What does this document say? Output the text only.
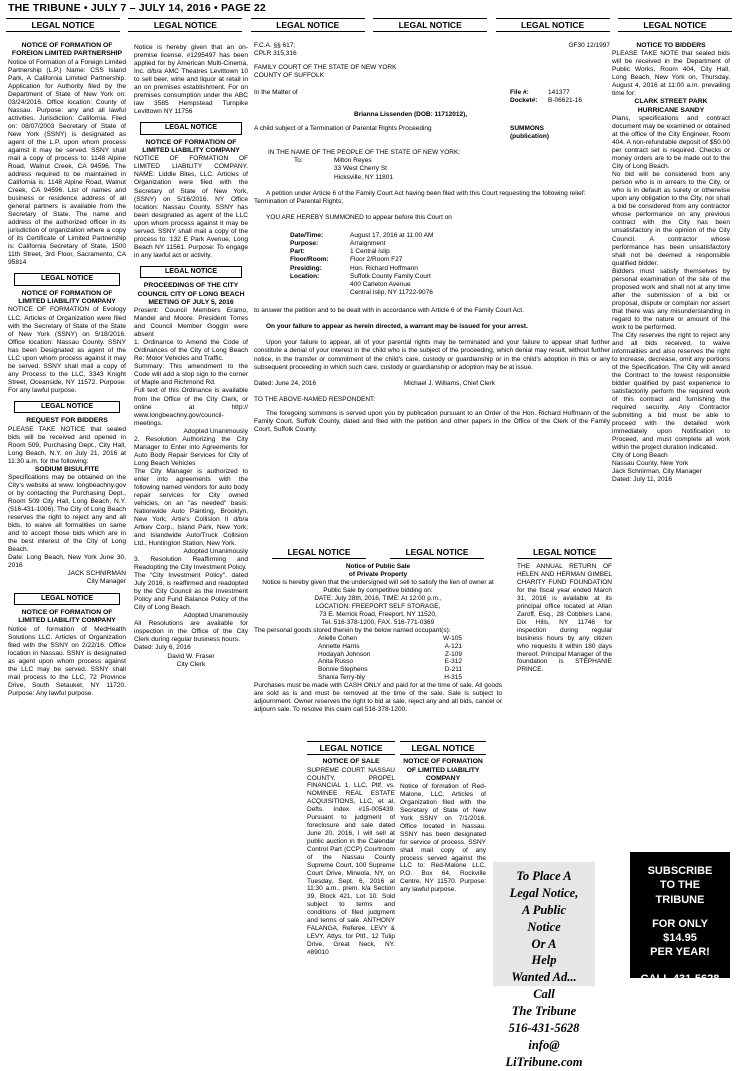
THE TRIBUNE • JULY 7 – JULY 14, 2016 • PAGE 22
LEGAL NOTICE	LEGAL NOTICE	LEGAL NOTICE	LEGAL NOTICE	LEGAL NOTICE	LEGAL NOTICE

NOTICE OF FORMATION OF FOREIGN LIMITED PARTNERSHIP

Notice of Formation of a Foreign Limited Partnership (L.P.) Name: CSS Island Park, A California Limited Partnership. Application for Authority filed by the Department of State of New York on: 03/24/2016. Office location: County of Nassau. Purpose: any and all lawful activities. Jurisdiction: California. Filed on: 08/07/2003 Secretary of State of New York (SSNY) is designated as agent of the L.P. upon whom process against it may be served. SSNY shall mail a copy of process to: 1148 Alpine Road, Walnut Creek, CA 94596. The address required to be maintained in California is: 1148 Alpine Road, Walnut Creek, CA 94596. List of names and business or residence address of all general partners is available from the Secretary of State. The name and address of the authorized officer in its jurisdiction of organization where a copy of its Certificate of Limited Partnership is: California Secretary of State, 1500 11th Street, 3rd Floor, Sacramento, CA 95814

LEGAL NOTICE

NOTICE OF FORMATION OF LIMITED LIABILITY COMPANY

NOTICE OF FORMATION of Evology LLC. Articles of Organization were filed with the Secretary of State of the State of New York (SSNY) on 5/18/2016. Office location: Nassau County. SSNY has been Designated as agent of the LLC upon whom process against it may be served. SSNY shall mail a copy of any Process to the LLC, 3343 Knight Street, Oceanside, NY 11572. Purpose: For any lawful purpose.

LEGAL NOTICE

REQUEST FOR BIDDERS

PLEASE TAKE NOTICE that sealed bids will be received and opened in Room 509, Purchasing Dept., City Hall, Long Beach, N.Y. on July 21, 2016 at 11:30 a.m. for the following:

SODIUM BISULFITE

Specifications may be obtained on the City's website at www. longbeachny.gov or by contacting the Purchasing Dept., Room 509 City Hall, Long Beach, N.Y. (516-431-1006). The City of Long Beach reserves the right to reject any and all bids, to waive all formalities on same and to accept those bids which are in the best interest of the City of Long Beach.

Date: Long Beach, New York June 30, 2016

JACK SCHNIRMAN

City Manager

LEGAL NOTICE

NOTICE OF FORMATION OF LIMITED LIABILITY COMPANY

Notice of formation of MedHealth Solutions LLC. Articles of Organization filed with the SSNY on 2/22/16. Office location in Nassau. SSNY is designated as agent upon whom process against the LLC may be served. SSNY shall mail process to the LLC, 72 Province Drive, South Setauket, NY 11720. Purpose: Any lawful purpose.

Notice is hereby given that an on-premise license, #1295497 has been applied for by American Multi-Cinema, Inc. d/b/a AMC Theatres Levittown 10 to sell beer, wine and liquor at retail in an on premises establishment. For on premises consumption under the ABC law 3585 Hempstead Turnpike Levittown NY 11756

LEGAL NOTICE

NOTICE OF FORMATION OF LIMITED LIABILITY COMPANY

NOTICE OF FORMATION OF LIMITED LIABILITY COMPANY. NAME: Liddle Bites, LLC. Articles of Organization were filed with the Secretary of State of New York, (SSNY) on 5/16/2016. NY Office location: Nassau County. SSNY has been designated as agent of the LLC upon whom process against it may be served. SSNY shall mail a copy of the process to: 132 E Park Avenue, Long Beach NY 11561. Purpose: To engage in any lawful act or activity.

LEGAL NOTICE

PROCEEDINGS OF THE CITY COUNCIL CITY OF LONG BEACH MEETING OF JULY 5, 2016

Present: Council Members Eramo, Mandel and Moore. President Torres and Council Member Goggin were absent

1. Ordinance to Amend the Code of Ordinances of the City of Long Beach Re: Motor Vehicles and Traffic.

Summary: This amendment to the Code will add a stop sign to the corner of Maple and Richmond Rd.

Full text of this Ordinance is available from the Office of the City Clerk, or online at http:// www.longbeachny.gov/council-meetings.

Adopted Unanimously

2. Resolution Authorizing the City Manager to Enter into Agreements for Auto Body Repair Services for City of Long Beach Vehicles

The City Manager is authorized to enter into agreements with the following named vendors for auto body repair services for City owned vehicles, on an "as needed" basis: Nationwide Auto Painting, Brooklyn, New York; Artie's Collision II d/b/a Artkev Corp., Island Park, New York; and Islandwide Auto/Truck Collision Ltd., Huntington Station, New York.

Adopted Unanimously

3. Resolution Reaffirming and Readopting the City Investment Policy.

The "City Investment Policy", dated July 2016, is reaffirmed and readopted by the City Council as the Investment Policy and Fund Balance Policy of the City of Long Beach.

Adopted Unanimously

All Resolutions are available for inspection in the Office of the City Clerk during regular business hours.

Dated: July 6, 2016

David W. Fraser

City Clerk

F.C.A. §§ 617;

CPLR 315,316

GF30 12/1997

FAMILY COURT OF THE STATE OF NEW YORK

COUNTY OF SUFFOLK

In the Matter of	File #:	141377
Docket#:	B-06621-16

Brianna Lissenden (DOB: 11712012),

A child subject of a Termination of Parental Rights Proceeding	SUMMONS

(publication)

IN THE NAME OF THE PEOPLE OF THE STATE OF NEW YORK:

To:	Milton Reyes

33 West Cherry St

Hicksville, NY 11801

A petition under Article 6 of the Family Court Act having been filed with this Court requesting the following relief: Termination of Parental Rights;

YOU ARE HEREBY SUMMONED to appear before this Court on

Date/Time:	August 17, 2016 at 11:00 AM
Purpose:	Arraignment
Part:	1 Central Islip
Floor/Room:	Floor 2/Room F27
Presiding:	Hon. Richard Hoffmann
Location:	Suffolk County Family Court
400 Carleton Avenue
Central Islip, NY 11722-9076

to answer the petition and to be dealt with in accordance with Article 6 of the Family Court Act.

On your failure to appear as herein directed, a warrant may be issued for your arrest.

Upon your failure to appear, all of your parental rights may be terminated and your failure to appear shall further constitute a denial of your interest in the child who is the subject of the proceeding, which denial may result, without further notice, in the transfer or commitment of the child's care, custody or guardianship or in the child's adoption in this or any subsequent proceeding in which such care, custody or guardianship or adoption may be at issue.

Dated: June 24, 2016	Michael J. Williams, Chief Clerk

TO THE ABOVE-NAMED RESPONDENT:

The foregoing summons is served upon you by publication pursuant to an Order of the Hon. Richard Hoffmann of the Family Court, Suffolk County, dated and filed with the petition and other papers in the Office of the Clerk of the Family Court, Suffolk County.

LEGAL NOTICE	LEGAL NOTICE

Notice of Public Sale

of Private Property

Notice is hereby given that the undersigned will sell to satisfy the lien of owner at Public Sale by competitive bidding on:

DATE: July 28th, 2016, TIME: At 12:00 p.m.,

LOCATION: FREEPORT SELF STORAGE,

73 E. Merrick Road, Freeport, NY 11520,

Tel. 516-378-1200, FAX. 516-771-0369

The personal goods stored therein by the below named occupant(s):

Arielle Cohen	W-105
Annette Harris	A-121
Hodayah Johnson	Z-109
Anita Russo	E-312
Bonnie Stephens	D-211
Shania Terry-bly	H-315

Purchases must be made with CASH ONLY and paid for at the time of sale. All goods are sold as is and must be removed at the time of the sale. Sale is subject to adjournment. Owner reserves the right to bid at sale, reject any and all bids, cancel or adjourn sale. To resolve this claim call 516-378-1200.

LEGAL NOTICE

THE ANNUAL RETURN OF HELEN AND HERMAN GIMBEL CHARITY FUND FOUNDATION for the fiscal year ended March 31, 2016 is available at its principal office located at Allan Zaroff, Esq., 28 Cobblers Lane, Dix Hills, NY 11746 for inspection during regular business hours by any citizen who requests it within 180 days thereof. Principal Manager of the foundation is STEPHANIE PRINCE.

LEGAL NOTICE

NOTICE OF SALE

SUPREME COURT: NASSAU COUNTY. PROPEL FINANCIAL 1, LLC, Pltf. vs. NOMINEE REAL ESTATE ACQUISITIONS, LLC, et al, Defts. Index #15-005439. Pursuant to judgment of foreclosure and sale dated June 20, 2016, I will sell at public auction in the Calendar Control Part (CCP) Courtroom of the Nassau County Supreme Court, 100 Supreme Court Drive, Mineola, NY, on Tuesday, Sept. 6, 2016 at 11:30 a.m., prem. k/a Section 39, Block 421, Lot 10. Sold subject to terms and conditions of filed judgment and terms of sale. ANTHONY FALANGA, Referee. LEVY & LEVY, Attys. for Pltf., 12 Tulip Drive, Great Neck, NY. #89010

LEGAL NOTICE

NOTICE OF FORMATION OF LIMITED LIABILITY COMPANY

Notice of formation of Red-Malone, LLC. Articles of Organization filed with the Secretary of State of New York SSNY on 7/1/2016. Office located in Nassau. SSNY has been designated for service of process. SSNY shall mail copy of any process served against the LLC to: Red-Malone LLC, P.O. Box 64, Rockville Centre, NY 11570. Purpose: any lawful purpose.

NOTICE TO BIDDERS

PLEASE TAKE NOTE that sealed bids will be received in the Department of Public Works, Room 404, City Hall, Long Beach, New York on, Thursday, August 4, 2016 at 11:00 a.m. prevailing time for:

CLARK STREET PARK

HURRICANE SANDY

Plans, specifications and contract document may be examined or obtained at the office of the City Engineer, Room 404. A non-refundable deposit of $50.00 per contract set is required. Checks or money orders are to be made out to the City of Long Beach.

No bid will be considered from any person who is in arrears to the City, or who is in default as surety or otherwise upon any obligation to the City, nor shall a bid be considered from any contractor whose performance on any previous contract with the City has been unsatisfactory in the opinion of the City Council. A contractor whose performance has been unsatisfactory shall not be deemed a responsible qualified bidder.

Bidders must satisfy themselves by personal examination of the site of the proposed work and shall not at any time after the submission of a bid or proposal, dispute or complain nor assert that there was any misunderstanding in regard to the nature or amount of the work to be performed.

The City reserves the right to reject any and all bids received, to waive informalities and also reserves the right to increase, decrease, omit any portions of the Specification. The City will award the Contract to the lowest responsible bidder qualified by past experience to satisfactorily perform the required work of this contract and furnishing the required security. Any Contractor submitting a bid must be able to proceed with the detailed work immediately upon Notification to Proceed, and must complete all work within the project duration indicated.

City of Long Beach

Nassau County, New York

Jack Schnirman, City Manager

Dated: July 11, 2016

To Place A

Legal Notice,

A Public

Notice

Or A

Help

Wanted Ad...

Call

The Tribune

516-431-5628

info@

LiTribune.com

SUBSCRIBE

TO THE

TRIBUNE

FOR ONLY

$14.95

PER YEAR!

CALL 431-5628
